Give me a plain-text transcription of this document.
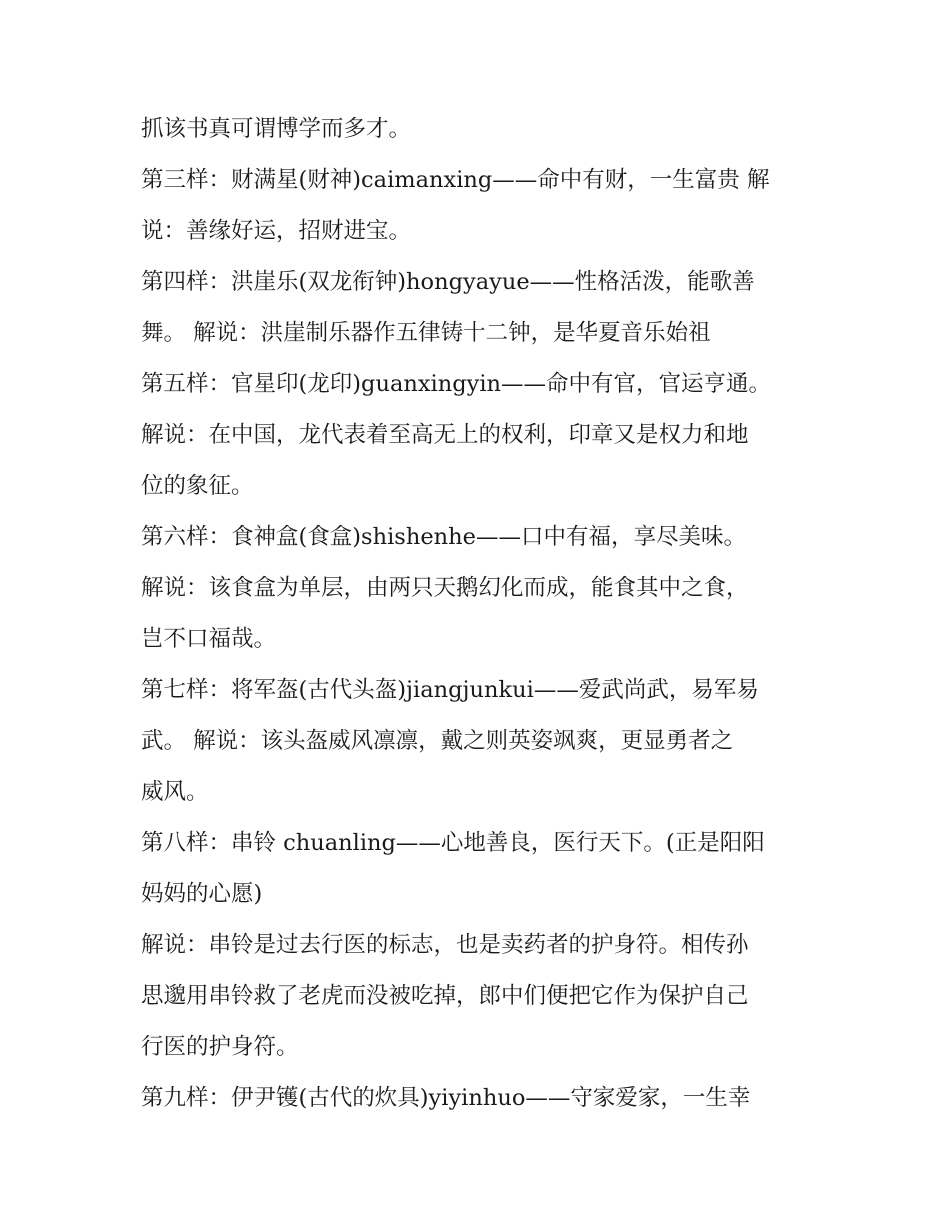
抓该书真可谓博学而多才。
第三样：财满星(财神)caimanxing——命中有财，一生富贵 解
说：善缘好运，招财进宝。
第四样：洪崖乐(双龙衔钟)hongyayue——性格活泼，能歌善
舞。 解说：洪崖制乐器作五律铸十二钟，是华夏音乐始祖
第五样：官星印(龙印)guanxingyin——命中有官，官运亨通。
解说：在中国，龙代表着至高无上的权利，印章又是权力和地
位的象征。
第六样：食神盒(食盒)shishenhe——口中有福，享尽美味。
解说：该食盒为单层，由两只天鹅幻化而成，能食其中之食，
岂不口福哉。
第七样：将军盔(古代头盔)jiangjunkui——爱武尚武，易军易
武。 解说：该头盔威风凛凛，戴之则英姿飒爽，更显勇者之
威风。
第八样：串铃 chuanling——心地善良，医行天下。(正是阳阳
妈妈的心愿)
解说：串铃是过去行医的标志，也是卖药者的护身符。相传孙
思邈用串铃救了老虎而没被吃掉，郎中们便把它作为保护自己
行医的护身符。
第九样：伊尹镬(古代的炊具)yiyinhuo——守家爱家，一生幸
